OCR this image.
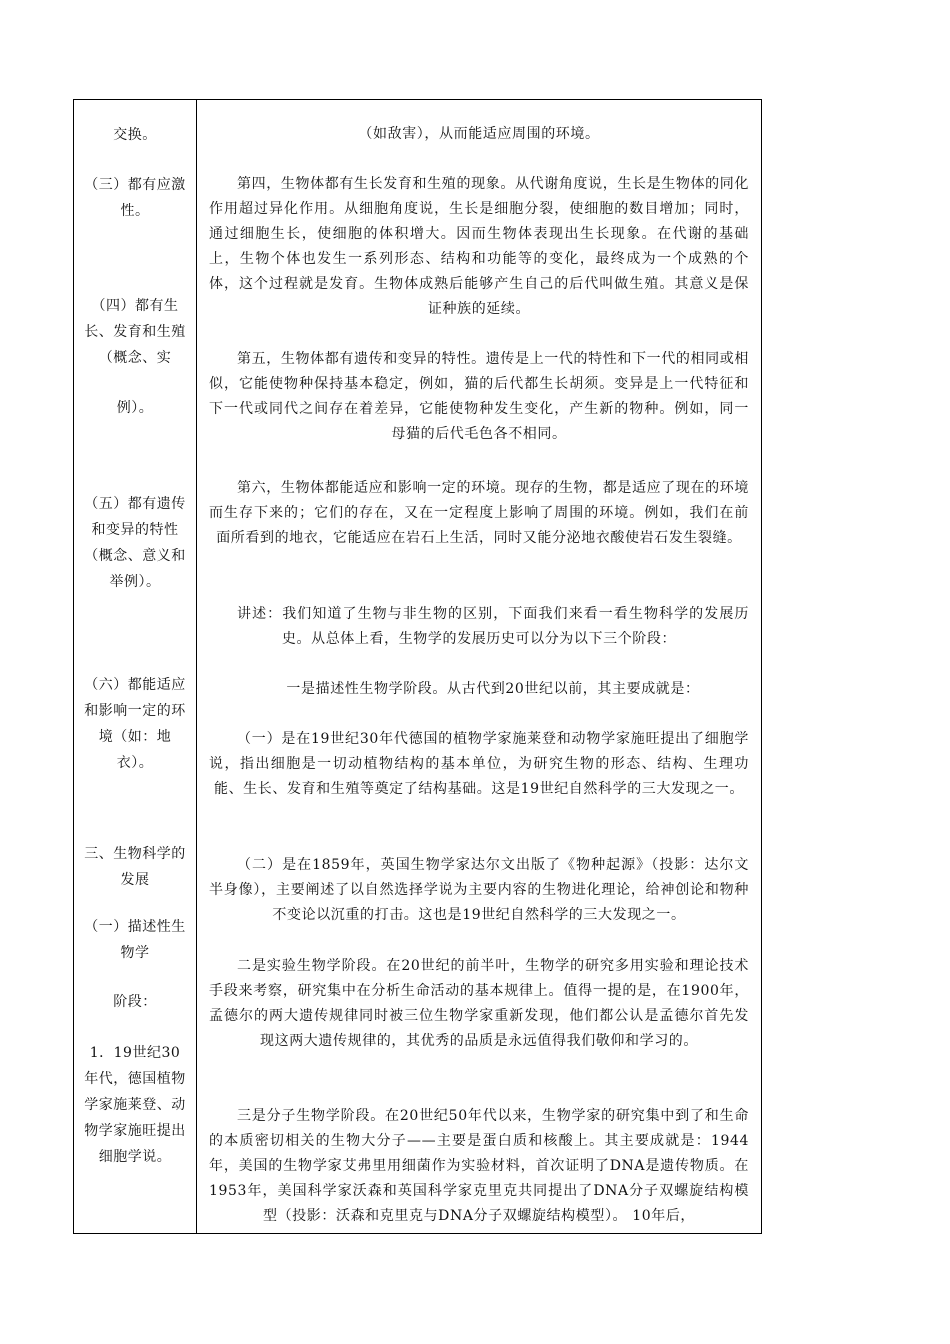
交换。
（三）都有应激性。
（四）都有生长、发育和生殖（概念、实
例）。
（五）都有遗传和变异的特性（概念、意义和举例）。
（六）都能适应和影响一定的环境（如：地衣）。
三、生物科学的发展
（一）描述性生物学
阶段：
1．19世纪30年代，德国植物学家施莱登、动物学家施旺提出细胞学说。
（如敌害），从而能适应周围的环境。
第四，生物体都有生长发育和生殖的现象。从代谢角度说，生长是生物体的同化作用超过异化作用。从细胞角度说，生长是细胞分裂，使细胞的数目增加；同时，通过细胞生长，使细胞的体积增大。因而生物体表现出生长现象。在代谢的基础上，生物个体也发生一系列形态、结构和功能等的变化，最终成为一个成熟的个体，这个过程就是发育。生物体成熟后能够产生自己的后代叫做生殖。其意义是保证种族的延续。
第五，生物体都有遗传和变异的特性。遗传是上一代的特性和下一代的相同或相似，它能使物种保持基本稳定，例如，猫的后代都生长胡须。变异是上一代特征和下一代或同代之间存在着差异，它能使物种发生变化，产生新的物种。例如，同一母猫的后代毛色各不相同。
第六，生物体都能适应和影响一定的环境。现存的生物，都是适应了现在的环境而生存下来的；它们的存在，又在一定程度上影响了周围的环境。例如，我们在前面所看到的地衣，它能适应在岩石上生活，同时又能分泌地衣酸使岩石发生裂缝。
讲述：我们知道了生物与非生物的区别，下面我们来看一看生物科学的发展历史。从总体上看，生物学的发展历史可以分为以下三个阶段：
一是描述性生物学阶段。从古代到20世纪以前，其主要成就是：
（一）是在19世纪30年代德国的植物学家施莱登和动物学家施旺提出了细胞学说，指出细胞是一切动植物结构的基本单位，为研究生物的形态、结构、生理功能、生长、发育和生殖等奠定了结构基础。这是19世纪自然科学的三大发现之一。
（二）是在1859年，英国生物学家达尔文出版了《物种起源》（投影：达尔文半身像），主要阐述了以自然选择学说为主要内容的生物进化理论，给神创论和物种不变论以沉重的打击。这也是19世纪自然科学的三大发现之一。
二是实验生物学阶段。在20世纪的前半叶，生物学的研究多用实验和理论技术手段来考察，研究集中在分析生命活动的基本规律上。值得一提的是，在1900年，孟德尔的两大遗传规律同时被三位生物学家重新发现，他们都公认是孟德尔首先发现这两大遗传规律的，其优秀的品质是永远值得我们敬仰和学习的。
三是分子生物学阶段。在20世纪50年代以来，生物学家的研究集中到了和生命的本质密切相关的生物大分子——主要是蛋白质和核酸上。其主要成就是：1944年，美国的生物学家艾弗里用细菌作为实验材料，首次证明了DNA是遗传物质。在1953年，美国科学家沃森和英国科学家克里克共同提出了DNA分子双螺旋结构模型（投影：沃森和克里克与DNA分子双螺旋结构模型）。 10年后，
